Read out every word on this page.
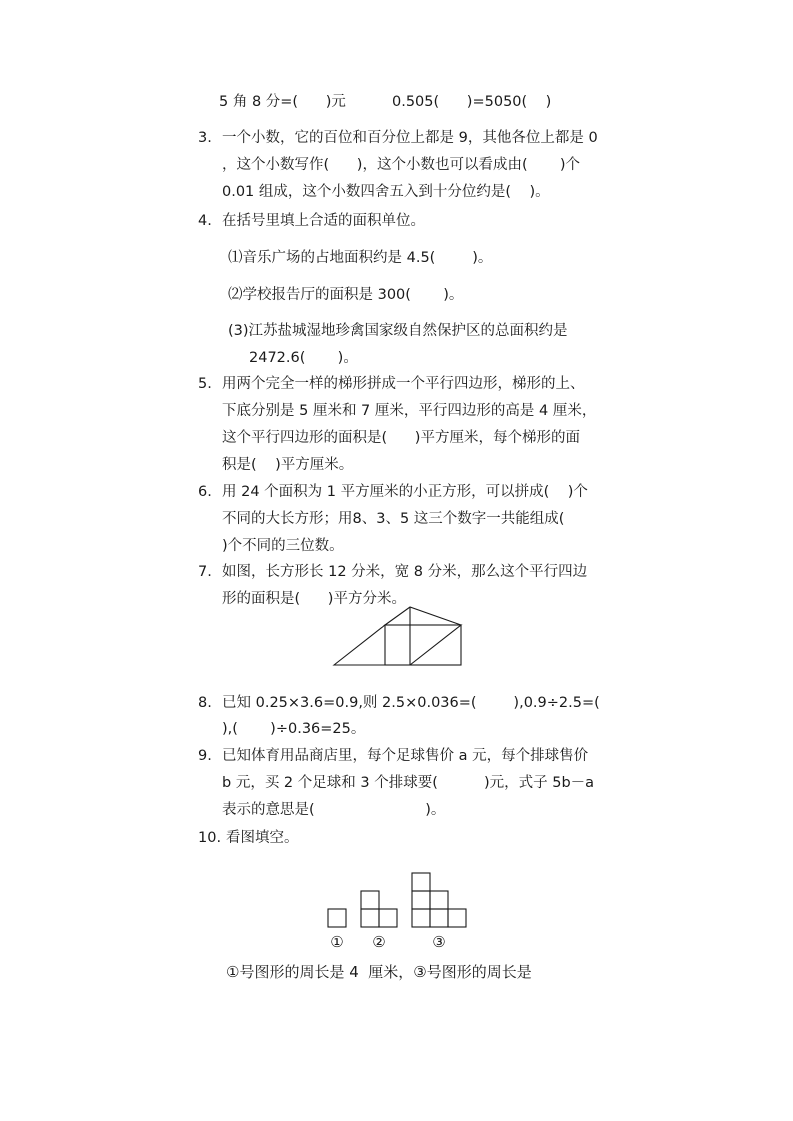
5 角 8 分=(      )元          0.505(      )=5050(    )
3. 一个小数，它的百位和百分位上都是 9，其他各位上都是 0
，这个小数写作(      )，这个小数也可以看成由(       )个
0.01 组成，这个小数四舍五入到十分位约是(    )。
4. 在括号里填上合适的面积单位。
⑴音乐广场的占地面积约是 4.5(        )。
⑵学校报告厅的面积是 300(       )。
(3)江苏盐城湿地珍禽国家级自然保护区的总面积约是
2472.6(       )。
5. 用两个完全一样的梯形拼成一个平行四边形，梯形的上、
下底分别是 5 厘米和 7 厘米，平行四边形的高是 4 厘米，
这个平行四边形的面积是(      )平方厘米，每个梯形的面
积是(    )平方厘米。
6. 用 24 个面积为 1 平方厘米的小正方形，可以拼成(    )个
不同的大长方形；用8、3、5 这三个数字一共能组成(
)个不同的三位数。
7. 如图，长方形长 12 分米，宽 8 分米，那么这个平行四边
形的面积是(      )平方分米。
8. 已知 0.25×3.6=0.9,则 2.5×0.036=(        ),0.9÷2.5=(
),(       )÷0.36=25。
9. 已知体育用品商店里，每个足球售价 a 元，每个排球售价
b 元，买 2 个足球和 3 个排球要(          )元，式子 5b－a
表示的意思是(                        )。
10. 看图填空。
① ②	③
①号图形的周长是 4  厘米，③号图形的周长是
